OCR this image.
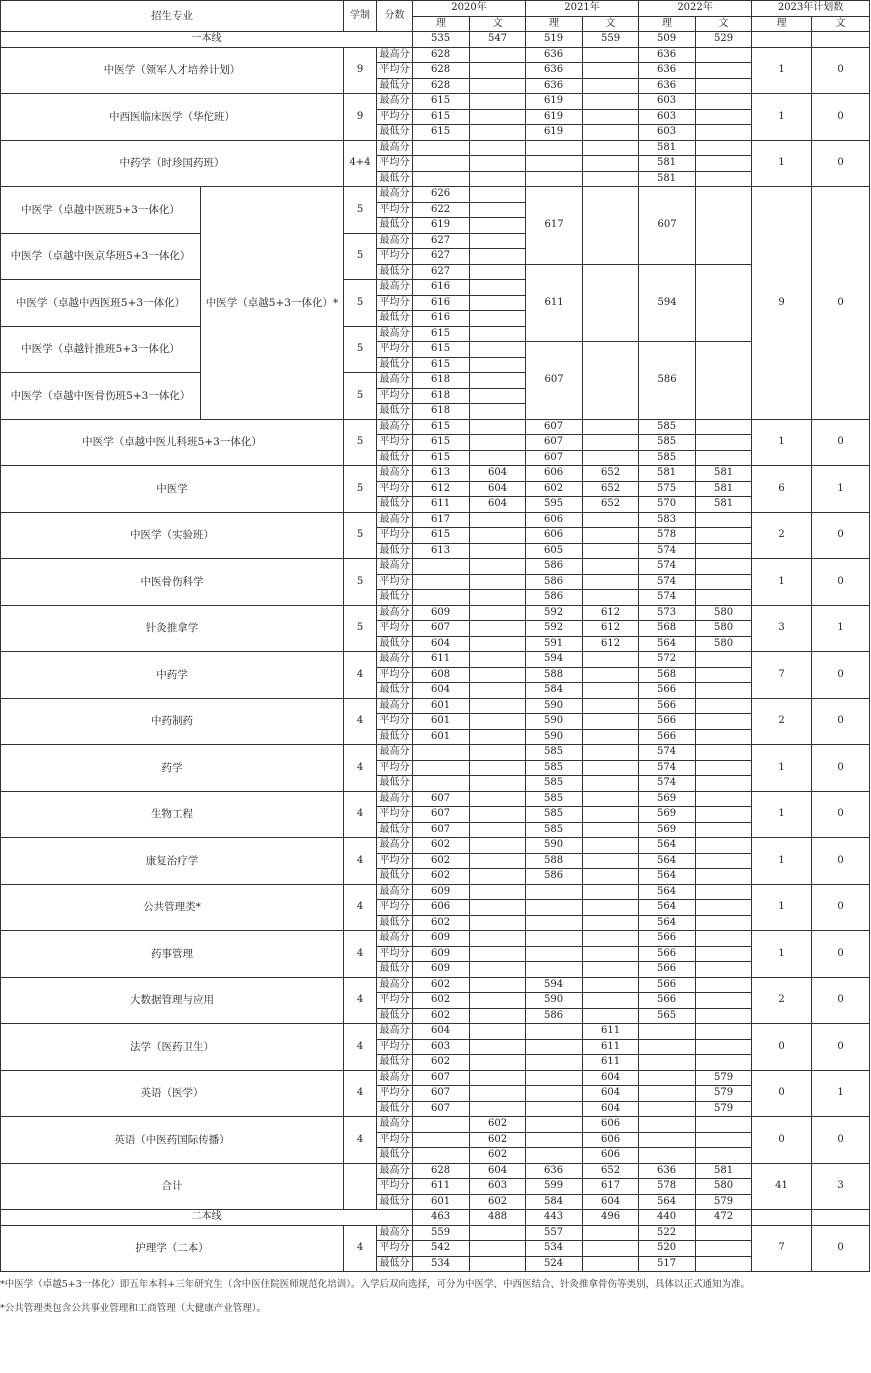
招生专业		学制	分数	2020年		2021年		2022年		2023年计划数	
				理	文	理	文	理	文	理	文
一本线				535	547	519	559	509	529		
中医学（领军人才培养计划）		9	最高分	628		636		636		1	0
			平均分	628		636		636			
			最低分	628		636		636			
中西医临床医学（华佗班）		9	最高分	615		619		603		1	0
			平均分	615		619		603			
			最低分	615		619		603			
中药学（时珍国药班）		4+4	最高分					581		1	0
			平均分					581			
			最低分					581			
中医学（卓越中医班5+3一体化）	中医学（卓越5+3一体化）*	5	最高分	626		617		607		9	0
			平均分	622							
			最低分	619							
中医学（卓越中医京华班5+3一体化）		5	最高分	627							
			平均分	627							
			最低分	627		611		594			
中医学（卓越中西医班5+3一体化）		5	最高分	616							
			平均分	616							
			最低分	616							
中医学（卓越针推班5+3一体化）		5	最高分	615							
			平均分	615		607		586			
			最低分	615							
中医学（卓越中医骨伤班5+3一体化）		5	最高分	618							
			平均分	618							
			最低分	618							
中医学（卓越中医儿科班5+3一体化）		5	最高分	615		607		585		1	0
			平均分	615		607		585			
			最低分	615		607		585			
中医学		5	最高分	613	604	606	652	581	581	6	1
			平均分	612	604	602	652	575	581		
			最低分	611	604	595	652	570	581		
中医学（实验班）		5	最高分	617		606		583		2	0
			平均分	615		606		578			
			最低分	613		605		574			
中医骨伤科学		5	最高分			586		574		1	0
			平均分			586		574			
			最低分			586		574			
针灸推拿学		5	最高分	609		592	612	573	580	3	1
			平均分	607		592	612	568	580		
			最低分	604		591	612	564	580		
中药学		4	最高分	611		594		572		7	0
			平均分	608		588		568			
			最低分	604		584		566			
中药制药		4	最高分	601		590		566		2	0
			平均分	601		590		566			
			最低分	601		590		566			
药学		4	最高分			585		574		1	0
			平均分			585		574			
			最低分			585		574			
生物工程		4	最高分	607		585		569		1	0
			平均分	607		585		569			
			最低分	607		585		569			
康复治疗学		4	最高分	602		590		564		1	0
			平均分	602		588		564			
			最低分	602		586		564			
公共管理类*		4	最高分	609				564		1	0
			平均分	606				564			
			最低分	602				564			
药事管理		4	最高分	609				566		1	0
			平均分	609				566			
			最低分	609				566			
大数据管理与应用		4	最高分	602		594		566		2	0
			平均分	602		590		566			
			最低分	602		586		565			
法学（医药卫生）		4	最高分	604			611			0	0
			平均分	603			611				
			最低分	602			611				
英语（医学）		4	最高分	607			604		579	0	1
			平均分	607			604		579		
			最低分	607			604		579		
英语（中医药国际传播）		4	最高分		602		606			0	0
			平均分		602		606				
			最低分		602		606				
合计			最高分	628	604	636	652	636	581	41	3
			平均分	611	603	599	617	578	580		
			最低分	601	602	584	604	564	579		
二本线				463	488	443	496	440	472		
护理学（二本）		4	最高分	559		557		522		7	0
			平均分	542		534		520			
			最低分	534		524		517			
*中医学（卓越5+3一体化）即五年本科+三年研究生（含中医住院医师规范化培训）。入学后双向选择，可分为中医学、中西医结合、针灸推拿骨伤等类别，具体以正式通知为准。
*公共管理类包含公共事业管理和工商管理（大健康产业管理）。
